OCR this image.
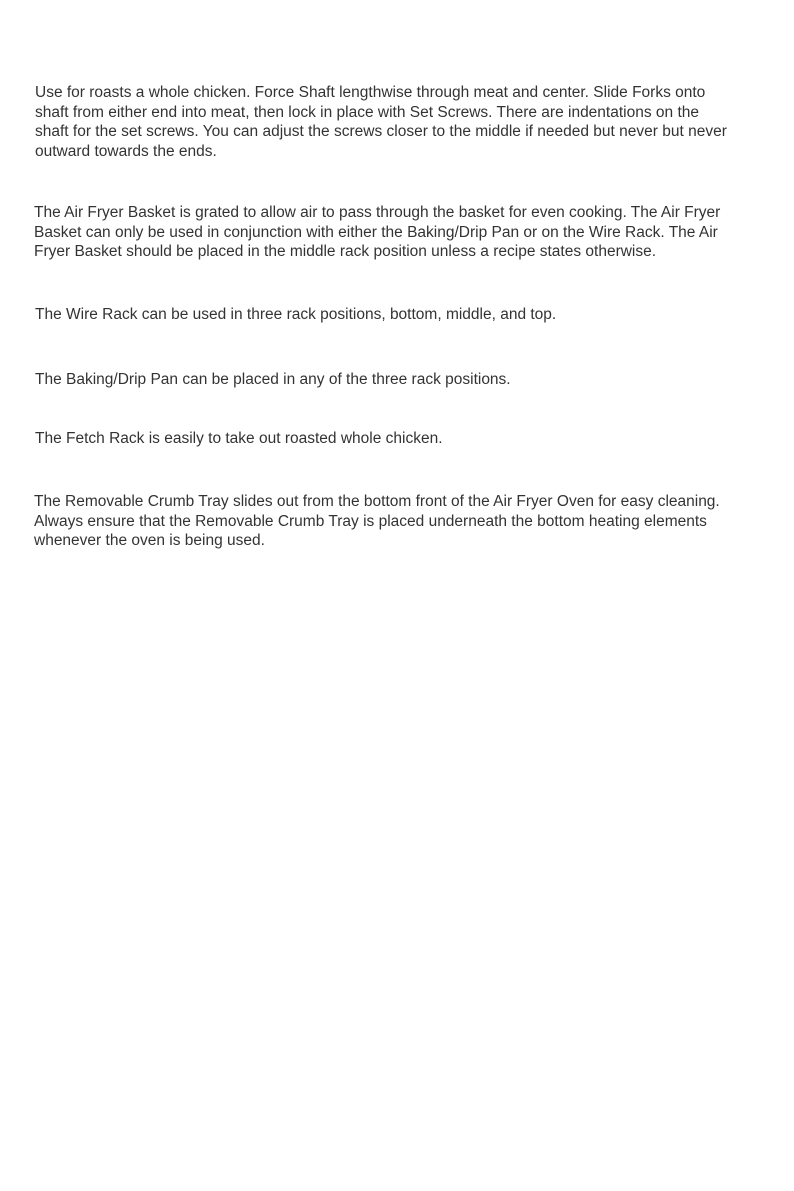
Use for roasts a whole chicken. Force Shaft lengthwise through meat and center. Slide Forks onto
shaft from either end into meat, then lock in place with Set Screws. There are indentations on the
shaft for the set screws. You can adjust the screws closer to the middle if needed but never but never
outward towards the ends.

The Air Fryer Basket is grated to allow air to pass through the basket for even cooking. The Air Fryer
Basket can only be used in conjunction with either the Baking/Drip Pan or on the Wire Rack. The Air
Fryer Basket should be placed in the middle rack position unless a recipe states otherwise.

The Wire Rack can be used in three rack positions, bottom, middle, and top.

The Baking/Drip Pan can be placed in any of the three rack positions.

The Fetch Rack is easily to take out roasted whole chicken.

The Removable Crumb Tray slides out from the bottom front of the Air Fryer Oven for easy cleaning.
Always ensure that the Removable Crumb Tray is placed underneath the bottom heating elements
whenever the oven is being used.
